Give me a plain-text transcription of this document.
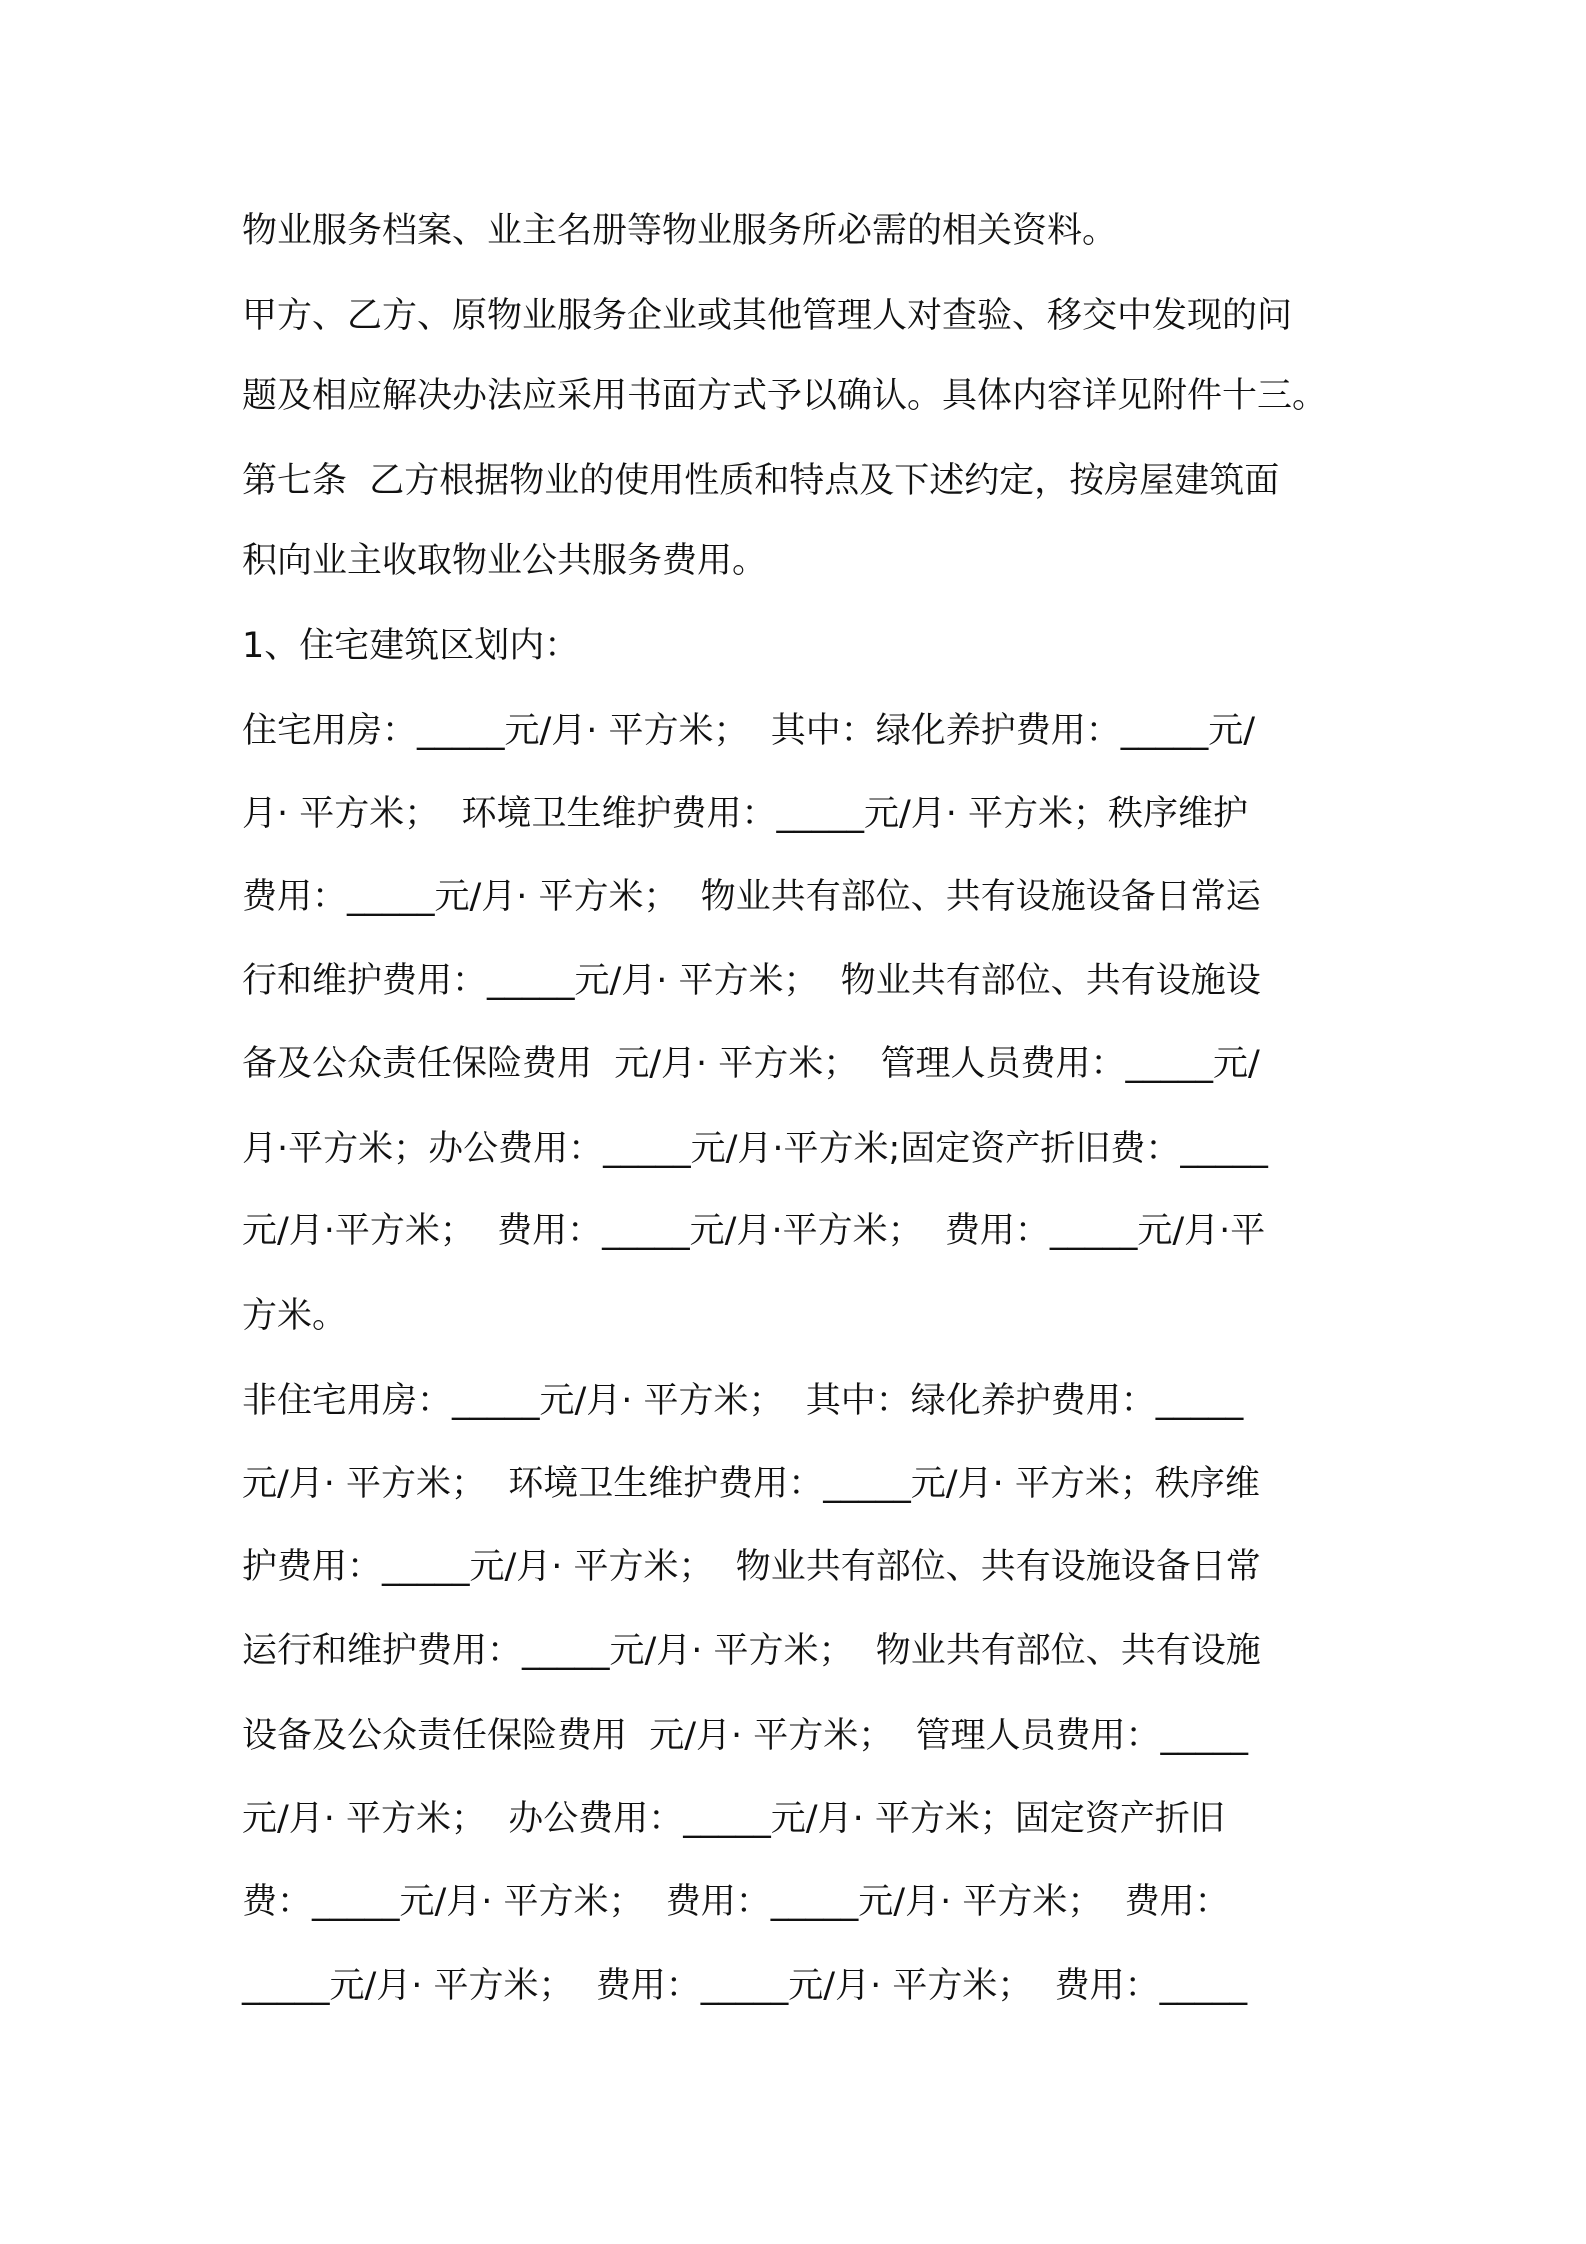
物业服务档案、业主名册等物业服务所必需的相关资料。
甲方、乙方、原物业服务企业或其他管理人对查验、移交中发现的问
题及相应解决办法应采用书面方式予以确认。具体内容详见附件十三。
第七条  乙方根据物业的使用性质和特点及下述约定，按房屋建筑面
积向业主收取物业公共服务费用。
1、住宅建筑区划内：
住宅用房：_____元/月· 平方米；  其中：绿化养护费用：_____元/
月· 平方米；  环境卫生维护费用：_____元/月· 平方米；秩序维护
费用：_____元/月· 平方米；  物业共有部位、共有设施设备日常运
行和维护费用：_____元/月· 平方米；  物业共有部位、共有设施设
备及公众责任保险费用  元/月· 平方米；  管理人员费用：_____元/
月·平方米；办公费用：_____元/月·平方米;固定资产折旧费：_____
元/月·平方米；  费用：_____元/月·平方米；  费用：_____元/月·平
方米。
非住宅用房：_____元/月· 平方米；  其中：绿化养护费用：_____
元/月· 平方米；  环境卫生维护费用：_____元/月· 平方米；秩序维
护费用：_____元/月· 平方米；  物业共有部位、共有设施设备日常
运行和维护费用：_____元/月· 平方米；  物业共有部位、共有设施
设备及公众责任保险费用  元/月· 平方米；  管理人员费用：_____
元/月· 平方米；  办公费用：_____元/月· 平方米；固定资产折旧
费：_____元/月· 平方米；  费用：_____元/月· 平方米；  费用：
_____元/月· 平方米；  费用：_____元/月· 平方米；  费用：_____
